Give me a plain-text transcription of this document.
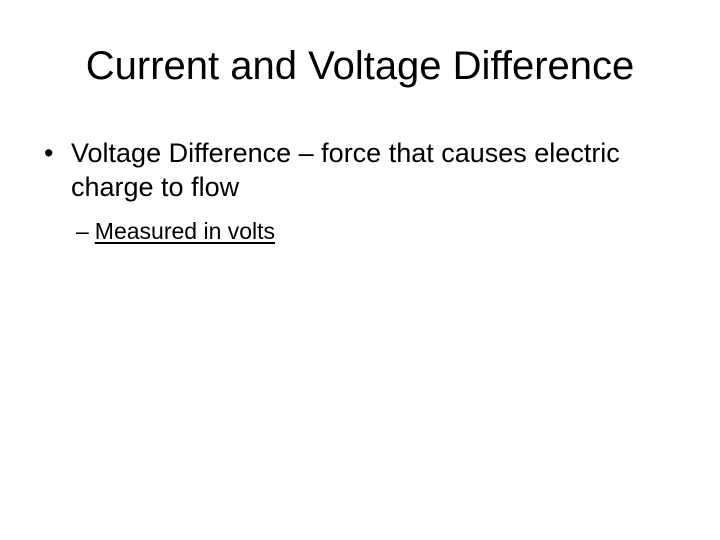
Current and Voltage Difference
• Voltage Difference – force that causes electric charge to flow
– Measured in volts
